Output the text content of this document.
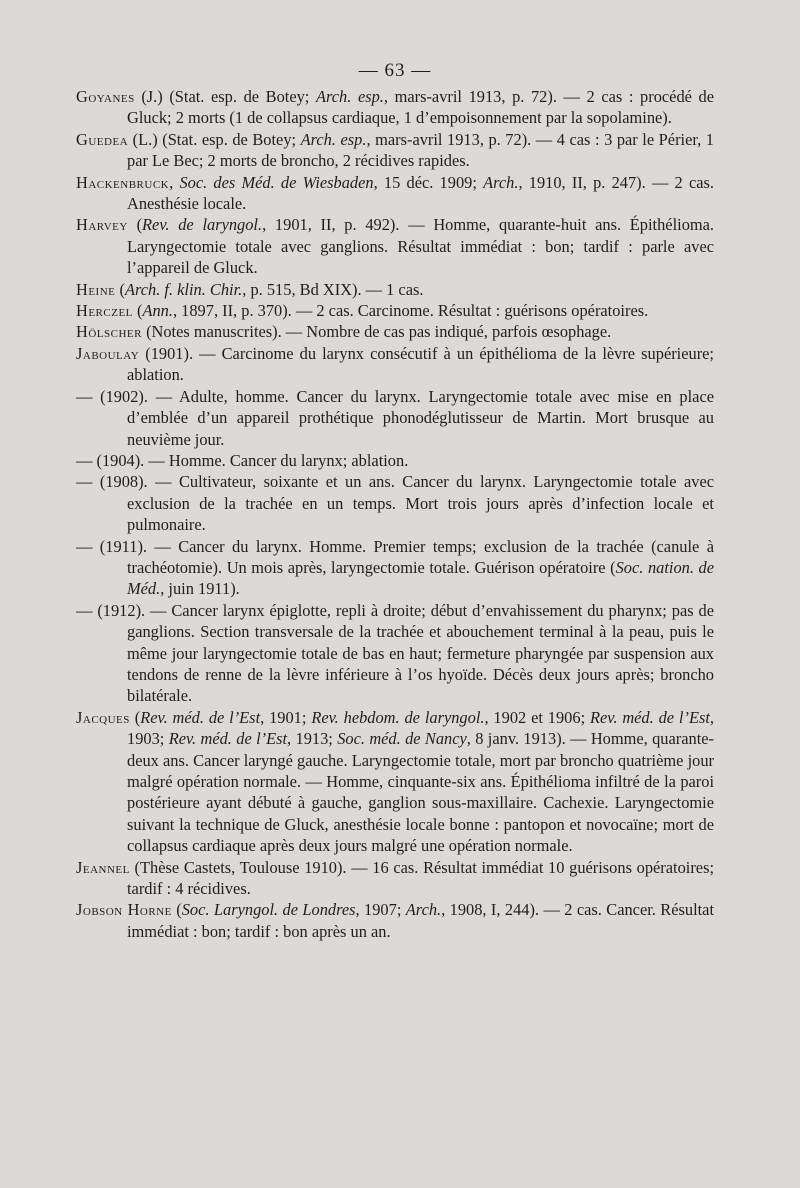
— 63 —

Goyanes (J.) (Stat. esp. de Botey; Arch. esp., mars-avril 1913, p. 72). — 2 cas : procédé de Gluck; 2 morts (1 de collapsus cardiaque, 1 d’empoisonnement par la sopolamine).

Guedea (L.) (Stat. esp. de Botey; Arch. esp., mars-avril 1913, p. 72). — 4 cas : 3 par le Périer, 1 par Le Bec; 2 morts de broncho, 2 récidives rapides.

Hackenbruck, Soc. des Méd. de Wiesbaden, 15 déc. 1909; Arch., 1910, II, p. 247). — 2 cas. Anesthésie locale.

Harvey (Rev. de laryngol., 1901, II, p. 492). — Homme, quarante-huit ans. Épithélioma. Laryngectomie totale avec ganglions. Résultat immédiat : bon; tardif : parle avec l’appareil de Gluck.

Heine (Arch. f. klin. Chir., p. 515, Bd XIX). — 1 cas.

Herczel (Ann., 1897, II, p. 370). — 2 cas. Carcinome. Résultat : guérisons opératoires.

Hölscher (Notes manuscrites). — Nombre de cas pas indiqué, parfois œsophage.

Jaboulay (1901). — Carcinome du larynx consécutif à un épithélioma de la lèvre supérieure; ablation.

— (1902). — Adulte, homme. Cancer du larynx. Laryngectomie totale avec mise en place d’emblée d’un appareil prothétique phonodéglutisseur de Martin. Mort brusque au neuvième jour.

— (1904). — Homme. Cancer du larynx; ablation.

— (1908). — Cultivateur, soixante et un ans. Cancer du larynx. Laryngectomie totale avec exclusion de la trachée en un temps. Mort trois jours après d’infection locale et pulmonaire.

— (1911). — Cancer du larynx. Homme. Premier temps; exclusion de la trachée (canule à trachéotomie). Un mois après, laryngectomie totale. Guérison opératoire (Soc. nation. de Méd., juin 1911).

— (1912). — Cancer larynx épiglotte, repli à droite; début d’envahissement du pharynx; pas de ganglions. Section transversale de la trachée et abouchement terminal à la peau, puis le même jour laryngectomie totale de bas en haut; fermeture pharyngée par suspension aux tendons de renne de la lèvre inférieure à l’os hyoïde. Décès deux jours après; broncho bilatérale.

Jacques (Rev. méd. de l’Est, 1901; Rev. hebdom. de laryngol., 1902 et 1906; Rev. méd. de l’Est, 1903; Rev. méd. de l’Est, 1913; Soc. méd. de Nancy, 8 janv. 1913). — Homme, quarante-deux ans. Cancer laryngé gauche. Laryngectomie totale, mort par broncho quatrième jour malgré opération normale. — Homme, cinquante-six ans. Épithélioma infiltré de la paroi postérieure ayant débuté à gauche, ganglion sous-maxillaire. Cachexie. Laryngectomie suivant la technique de Gluck, anesthésie locale bonne : pantopon et novocaïne; mort de collapsus cardiaque après deux jours malgré une opération normale.

Jeannel (Thèse Castets, Toulouse 1910). — 16 cas. Résultat immédiat 10 guérisons opératoires; tardif : 4 récidives.

Jobson Horne (Soc. Laryngol. de Londres, 1907; Arch., 1908, I, 244). — 2 cas. Cancer. Résultat immédiat : bon; tardif : bon après un an.
